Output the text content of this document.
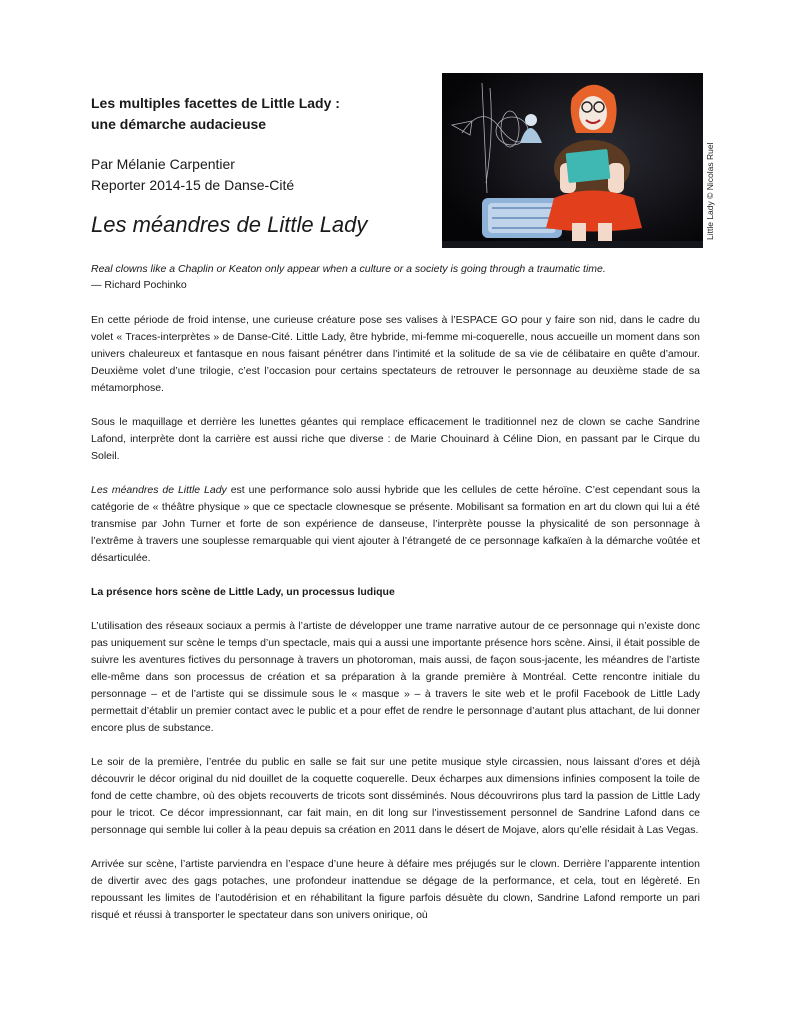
Les multiples facettes de Little Lady :
une démarche audacieuse
Par Mélanie Carpentier
Reporter 2014-15 de Danse-Cité
Les méandres de Little Lady	Little Lady © Nicolas Ruel
Real clowns like a Chaplin or Keaton only appear when a culture or a society is going through a traumatic time.
— Richard Pochinko

En cette période de froid intense, une curieuse créature pose ses valises à l’ESPACE GO pour y faire son nid, dans le cadre du volet « Traces-interprètes » de Danse-Cité. Little Lady, être hybride, mi-femme mi-coquerelle, nous accueille un moment dans son univers chaleureux et fantasque en nous faisant pénétrer dans l’intimité et la solitude de sa vie de célibataire en quête d’amour. Deuxième volet d’une trilogie, c’est l’occasion pour certains spectateurs de retrouver le personnage au deuxième stade de sa métamorphose.

Sous le maquillage et derrière les lunettes géantes qui remplace efficacement le traditionnel nez de clown se cache Sandrine Lafond, interprète dont la carrière est aussi riche que diverse : de Marie Chouinard à Céline Dion, en passant par le Cirque du Soleil.

Les méandres de Little Lady est une performance solo aussi hybride que les cellules de cette héroïne. C’est cependant sous la catégorie de « théâtre physique » que ce spectacle clownesque se présente. Mobilisant sa formation en art du clown qui lui a été transmise par John Turner et forte de son expérience de danseuse, l’interprète pousse la physicalité de son personnage à l’extrême à travers une souplesse remarquable qui vient ajouter à l’étrangeté de ce personnage kafkaïen à la démarche voûtée et désarticulée.

La présence hors scène de Little Lady, un processus ludique

L’utilisation des réseaux sociaux a permis à l’artiste de développer une trame narrative autour de ce personnage qui n’existe donc pas uniquement sur scène le temps d’un spectacle, mais qui a aussi une importante présence hors scène. Ainsi, il était possible de suivre les aventures fictives du personnage à travers un photoroman, mais aussi, de façon sous-jacente, les méandres de l’artiste elle-même dans son processus de création et sa préparation à la grande première à Montréal. Cette rencontre initiale du personnage – et de l’artiste qui se dissimule sous le « masque » – à travers le site web et le profil Facebook de Little Lady permettait d’établir un premier contact avec le public et a pour effet de rendre le personnage d’autant plus attachant, de lui donner encore plus de substance.

Le soir de la première, l’entrée du public en salle se fait sur une petite musique style circassien, nous laissant d’ores et déjà découvrir le décor original du nid douillet de la coquette coquerelle. Deux écharpes aux dimensions infinies composent la toile de fond de cette chambre, où des objets recouverts de tricots sont disséminés. Nous découvrirons plus tard la passion de Little Lady pour le tricot. Ce décor impressionnant, car fait main, en dit long sur l’investissement personnel de Sandrine Lafond dans ce personnage qui semble lui coller à la peau depuis sa création en 2011 dans le désert de Mojave, alors qu’elle résidait à Las Vegas.

Arrivée sur scène, l’artiste parviendra en l’espace d’une heure à défaire mes préjugés sur le clown. Derrière l’apparente intention de divertir avec des gags potaches, une profondeur inattendue se dégage de la performance, et cela, tout en légèreté. En repoussant les limites de l’autodérision et en réhabilitant la figure parfois désuète du clown, Sandrine Lafond remporte un pari risqué et réussi à transporter le spectateur dans son univers onirique, où
